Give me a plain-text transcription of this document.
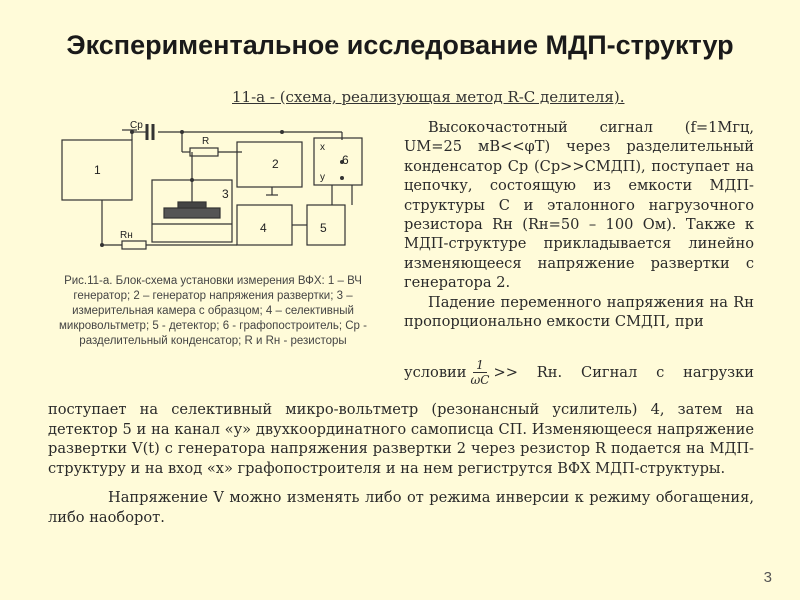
Экспериментальное исследование МДП-структур
11-а - (схема, реализующая метод R-C делителя).
1	2
3
4	5
6
Cp
R
Rн
x
y
Рис.11-а. Блок-схема установки измерения ВФХ: 1 – ВЧ генератор; 2 – генератор напряжения развертки; 3 – измерительная камера с образцом; 4 – селективный микровольтметр; 5 - детектор; 6 - графопостроитель; Cр - разделительный конденсатор; R и Rн - резисторы

Высокочастотный сигнал (f=1Мгц, UМ=25 мВ<<φT) через разделительный конденсатор Cр (Cр>>CМДП), поступает на цепочку, состоящую из емкости МДП-структуры C и эталонного нагрузочного резистора Rн (Rн=50 – 100 Ом). Также к МДП-структуре прикладывается линейно изменяющееся напряжение развертки с генератора 2.

Падение переменного напряжения на Rн пропорционально емкости CМДП, при

условии $\frac{1}{\omega C}$ >> Rн. Сигнал с нагрузки

поступает на селективный микро-вольтметр (резонансный усилитель) 4, затем на детектор 5 и на канал «у» двухкоординатного самописца СП. Изменяющееся напряжение развертки V(t) с генератора напряжения развертки 2 через резистор R подается на МДП-структуру и на вход «х» графопостроителя и на нем региструтся ВФХ МДП-структуры.

Напряжение V можно изменять либо от режима инверсии к режиму обогащения, либо наоборот.

3
